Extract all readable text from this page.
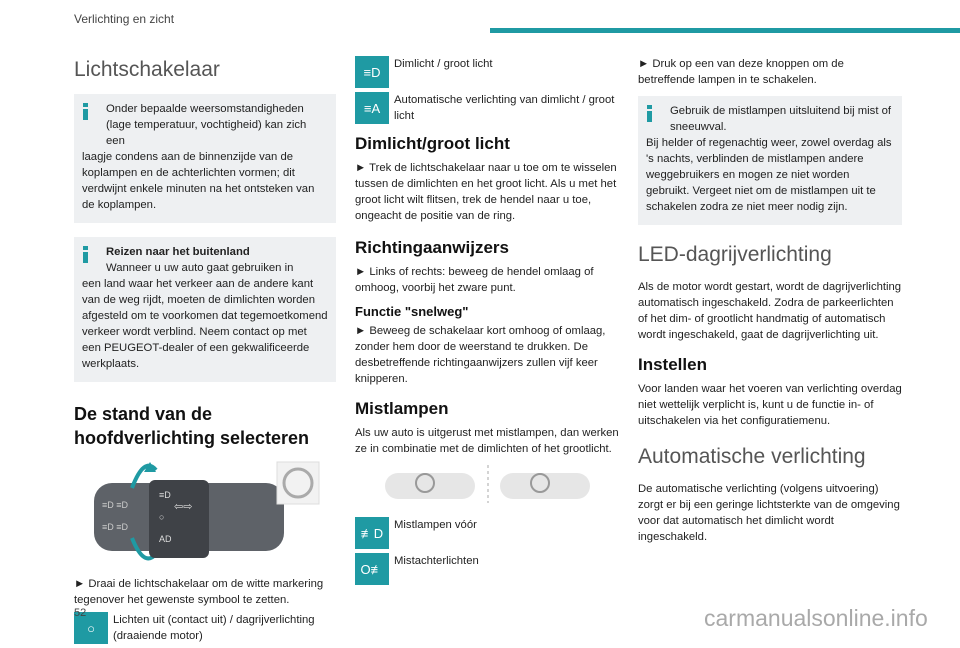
Verlichting en zicht
Lichtschakelaar
Onder bepaalde weersomstandigheden (lage temperatuur, vochtigheid) kan zich een
laagje condens aan de binnenzijde van de koplampen en de achterlichten vormen; dit verdwijnt enkele minuten na het ontsteken van de koplampen.
Reizen naar het buitenland
Wanneer u uw auto gaat gebruiken in
een land waar het verkeer aan de andere kant van de weg rijdt, moeten de dimlichten worden afgesteld om te voorkomen dat tegemoetkomend verkeer wordt verblind. Neem contact op met een PEUGEOT-dealer of een gekwalificeerde werkplaats.
De stand van de hoofdverlichting selecteren
≡D
○
AD
⇦⇨
≡D ≡D
≡D ≡D

► Draai de lichtschakelaar om de witte markering tegenover het gewenste symbool te zetten.

○
Lichten uit (contact uit) / dagrijverlichting (draaiende motor)
≡D
Dimlicht / groot licht
≡A
Automatische verlichting van dimlicht / groot licht
Dimlicht/groot licht

► Trek de lichtschakelaar naar u toe om te wisselen tussen de dimlichten en het groot licht. Als u met het groot licht wilt flitsen, trek de hendel naar u toe, ongeacht de positie van de ring.

Richtingaanwijzers

► Links of rechts: beweeg de hendel omlaag of omhoog, voorbij het zware punt.

Functie "snelweg"

► Beweeg de schakelaar kort omhoog of omlaag, zonder hem door de weerstand te drukken. De desbetreffende richtingaanwijzers zullen vijf keer knipperen.

Mistlampen

Als uw auto is uitgerust met mistlampen, dan werken ze in combinatie met de dimlichten of het grootlicht.

≢D
Mistlampen vóór
O≢
Mistachterlichten

► Druk op een van deze knoppen om de betreffende lampen in te schakelen.

Gebruik de mistlampen uitsluitend bij mist of sneeuwval.
Bij helder of regenachtig weer, zowel overdag als 's nachts, verblinden de mistlampen andere weggebruikers en mogen ze niet worden gebruikt. Vergeet niet om de mistlampen uit te schakelen zodra ze niet meer nodig zijn.
LED-dagrijverlichting

Als de motor wordt gestart, wordt de dagrijverlichting automatisch ingeschakeld. Zodra de parkeerlichten of het dim- of grootlicht handmatig of automatisch wordt ingeschakeld, gaat de dagrijverlichting uit.

Instellen

Voor landen waar het voeren van verlichting overdag niet wettelijk verplicht is, kunt u de functie in- of uitschakelen via het configuratiemenu.

Automatische verlichting

De automatische verlichting (volgens uitvoering) zorgt er bij een geringe lichtsterkte van de omgeving voor dat automatisch het dimlicht wordt ingeschakeld.

52	carmanualsonline.info
